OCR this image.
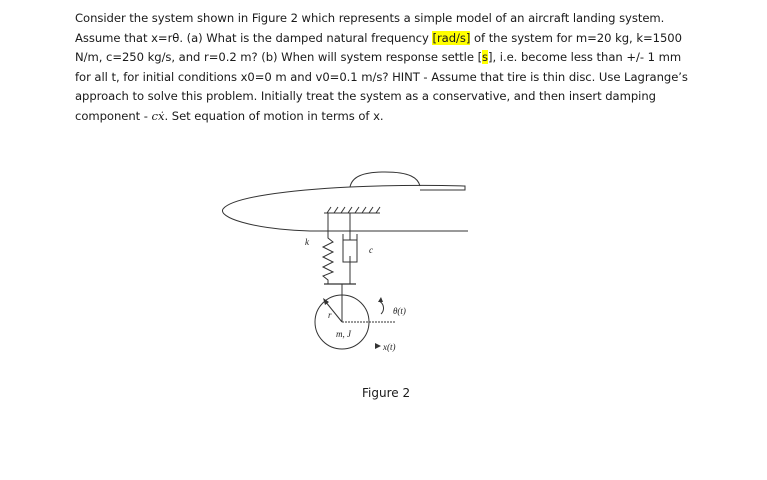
Consider the system shown in Figure 2 which represents a simple model of an aircraft landing system.
Assume that x=rθ. (a) What is the damped natural frequency [rad/s] of the system for m=20 kg, k=1500
N/m, c=250 kg/s, and r=0.2 m? (b) When will system response settle [s], i.e. become less than +/- 1 mm
for all t, for initial conditions x0=0 m and v0=0.1 m/s? HINT - Assume that tire is thin disc. Use Lagrange’s
approach to solve this problem. Initially treat the system as a conservative, and then insert damping
component - cẋ. Set equation of motion in terms of x.
k
c
r
m, J
θ(t)
x(t)
Figure 2
